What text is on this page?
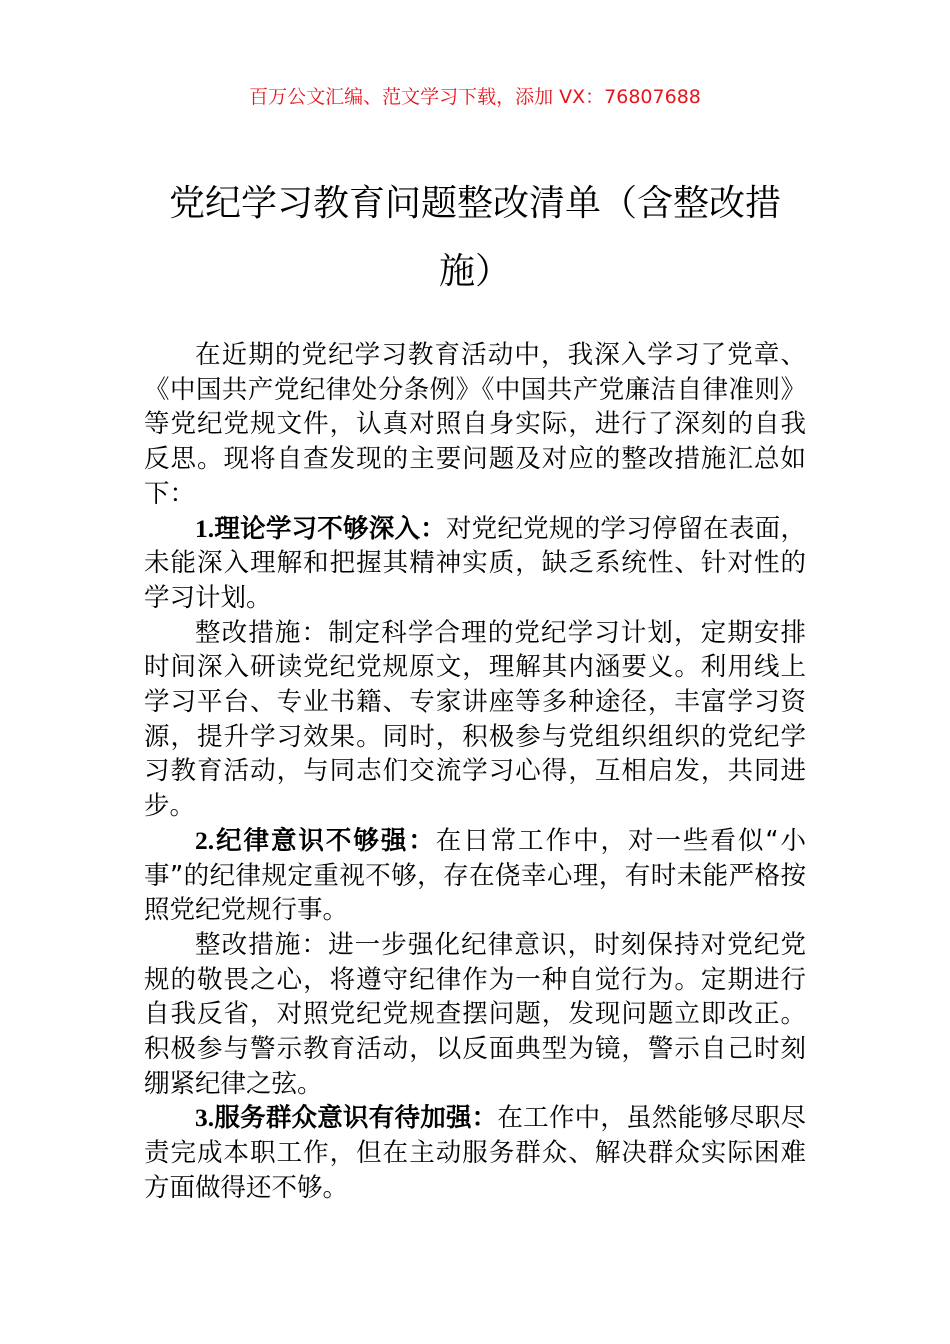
百万公文汇编、范文学习下载，添加 VX：76807688
党纪学习教育问题整改清单（含整改措施）

在近期的党纪学习教育活动中，我深入学习了党章、《中国共产党纪律处分条例》《中国共产党廉洁自律准则》等党纪党规文件，认真对照自身实际，进行了深刻的自我反思。现将自查发现的主要问题及对应的整改措施汇总如下：

1.理论学习不够深入：对党纪党规的学习停留在表面，未能深入理解和把握其精神实质，缺乏系统性、针对性的学习计划。

整改措施：制定科学合理的党纪学习计划，定期安排时间深入研读党纪党规原文，理解其内涵要义。利用线上学习平台、专业书籍、专家讲座等多种途径，丰富学习资源，提升学习效果。同时，积极参与党组织组织的党纪学习教育活动，与同志们交流学习心得，互相启发，共同进步。

2.纪律意识不够强：在日常工作中，对一些看似“小事”的纪律规定重视不够，存在侥幸心理，有时未能严格按照党纪党规行事。

整改措施：进一步强化纪律意识，时刻保持对党纪党规的敬畏之心，将遵守纪律作为一种自觉行为。定期进行自我反省，对照党纪党规查摆问题，发现问题立即改正。积极参与警示教育活动，以反面典型为镜，警示自己时刻绷紧纪律之弦。

3.服务群众意识有待加强：在工作中，虽然能够尽职尽责完成本职工作，但在主动服务群众、解决群众实际困难方面做得还不够。
